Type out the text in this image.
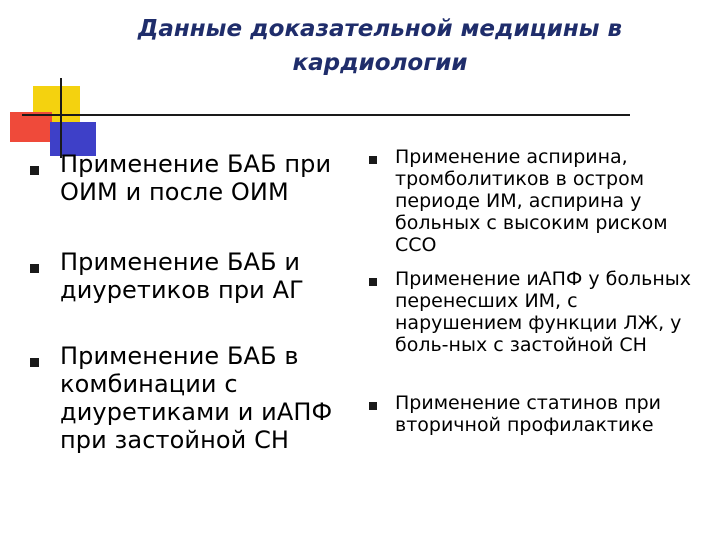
Данные доказательной медицины в
кардиологии
Применение БАБ при ОИМ и после ОИМ
Применение БАБ и диуретиков при АГ
Применение БАБ в комбинации с диуретиками и иАПФ при застойной СН
Применение аспирина, тромболитиков в остром периоде ИМ, аспирина у больных с высоким риском ССО
Применение иАПФ у больных перенесших ИМ, с нарушением функции ЛЖ, у боль-ных с застойной СН
Применение статинов при вторичной профилактике
